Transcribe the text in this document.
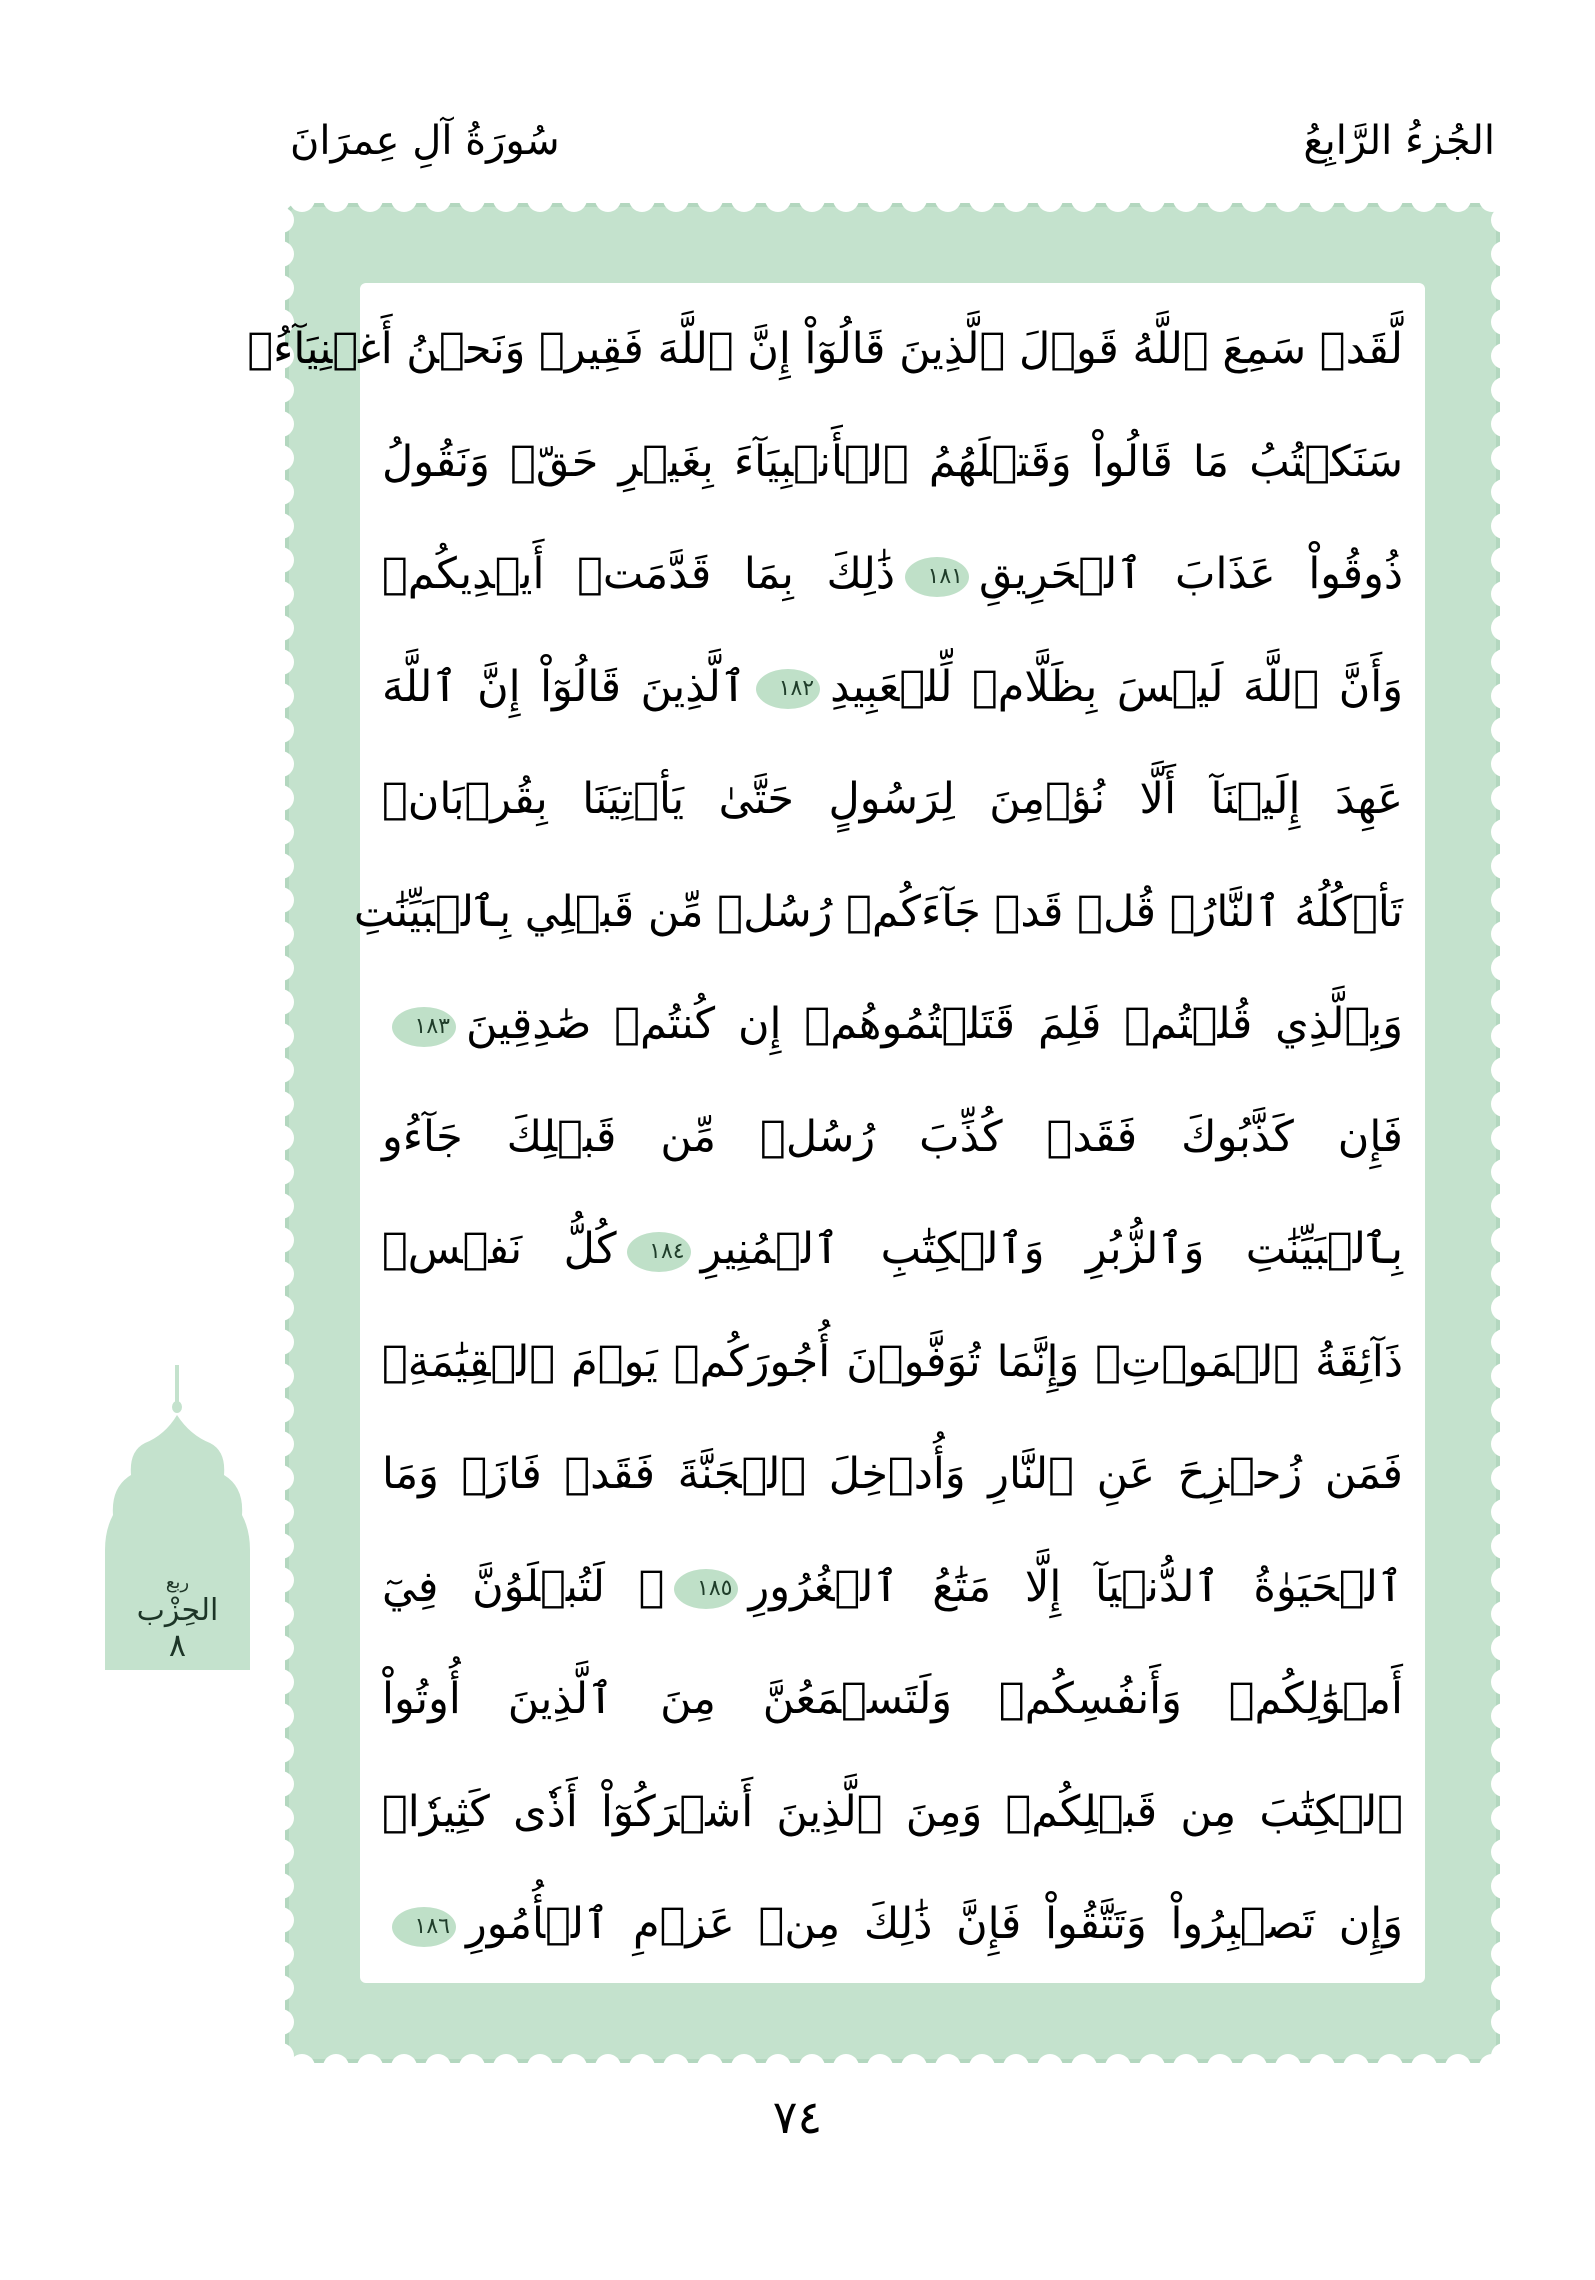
الجُزءُ الرَّابِعُ
سُورَةُ آلِ عِمرَانَ
لَّقَدۡ سَمِعَ ٱللَّهُ قَوۡلَ ٱلَّذِينَ قَالُوٓاْ إِنَّ ٱللَّهَ فَقِيرٞ وَنَحۡنُ أَغۡنِيَآءُۘ
سَنَكۡتُبُ مَا قَالُواْ وَقَتۡلَهُمُ ٱلۡأَنۢبِيَآءَ بِغَيۡرِ حَقّٖ وَنَقُولُ
ذُوقُواْ عَذَابَ ٱلۡحَرِيقِ١٨١ذَٰلِكَ بِمَا قَدَّمَتۡ أَيۡدِيكُمۡ
وَأَنَّ ٱللَّهَ لَيۡسَ بِظَلَّامٖ لِّلۡعَبِيدِ١٨٢ٱلَّذِينَ قَالُوٓاْ إِنَّ ٱللَّهَ
عَهِدَ إِلَيۡنَآ أَلَّا نُؤۡمِنَ لِرَسُولٍ حَتَّىٰ يَأۡتِيَنَا بِقُرۡبَانٖ
تَأۡكُلُهُ ٱلنَّارُۗ قُلۡ قَدۡ جَآءَكُمۡ رُسُلٞ مِّن قَبۡلِي بِٱلۡبَيِّنَٰتِ
وَبِٱلَّذِي قُلۡتُمۡ فَلِمَ قَتَلۡتُمُوهُمۡ إِن كُنتُمۡ صَٰدِقِينَ١٨٣
فَإِن كَذَّبُوكَ فَقَدۡ كُذِّبَ رُسُلٞ مِّن قَبۡلِكَ جَآءُو
بِٱلۡبَيِّنَٰتِ وَٱلزُّبُرِ وَٱلۡكِتَٰبِ ٱلۡمُنِيرِ١٨٤كُلُّ نَفۡسٖ
ذَآئِقَةُ ٱلۡمَوۡتِۗ وَإِنَّمَا تُوَفَّوۡنَ أُجُورَكُمۡ يَوۡمَ ٱلۡقِيَٰمَةِۖ
فَمَن زُحۡزِحَ عَنِ ٱلنَّارِ وَأُدۡخِلَ ٱلۡجَنَّةَ فَقَدۡ فَازَۗ وَمَا
ٱلۡحَيَوٰةُ ٱلدُّنۡيَآ إِلَّا مَتَٰعُ ٱلۡغُرُورِ١٨٥۞ لَتُبۡلَوُنَّ فِيٓ
أَمۡوَٰلِكُمۡ وَأَنفُسِكُمۡ وَلَتَسۡمَعُنَّ مِنَ ٱلَّذِينَ أُوتُواْ
ٱلۡكِتَٰبَ مِن قَبۡلِكُمۡ وَمِنَ ٱلَّذِينَ أَشۡرَكُوٓاْ أَذٗى كَثِيرٗاۚ
وَإِن تَصۡبِرُواْ وَتَتَّقُواْ فَإِنَّ ذَٰلِكَ مِنۡ عَزۡمِ ٱلۡأُمُورِ١٨٦
ربع
الحِزْب
٨
٧٤
